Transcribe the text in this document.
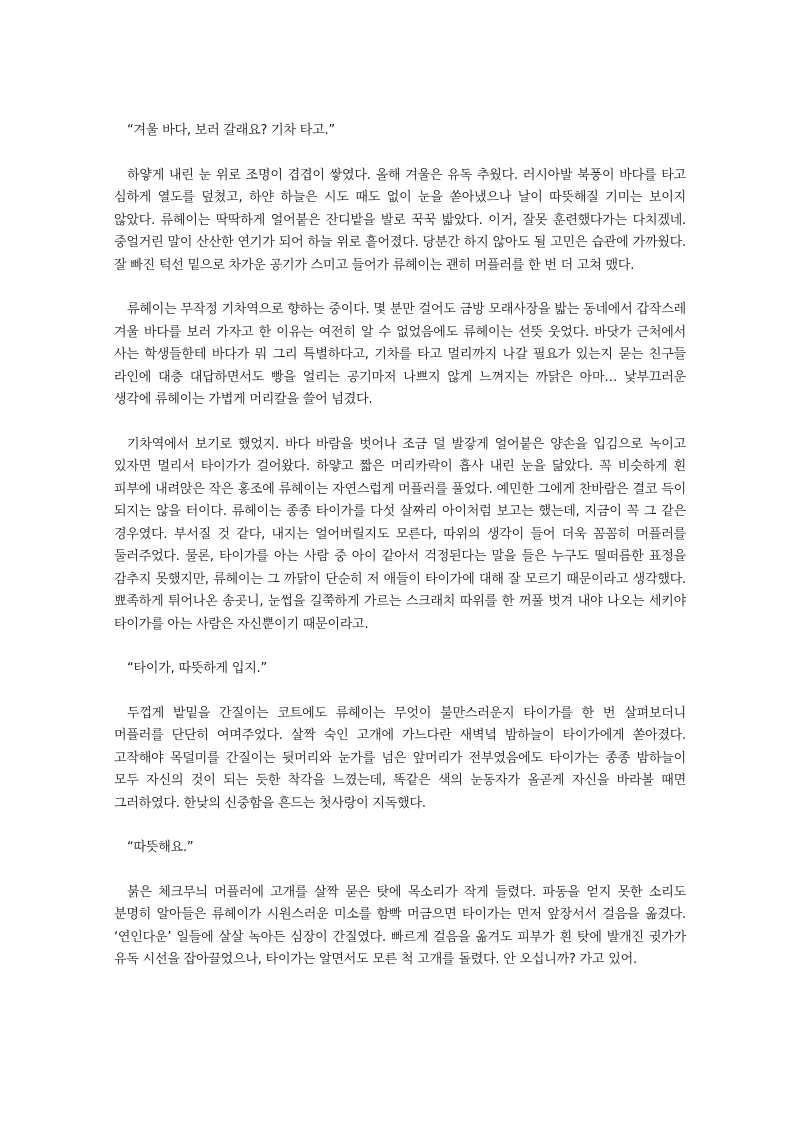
“겨울 바다, 보러 갈래요? 기차 타고.”

하얗게 내린 눈 위로 조명이 겹겹이 쌓였다. 올해 겨울은 유독 추웠다. 러시아발 북풍이 바다를 타고 심하게 열도를 덮쳤고, 하얀 하늘은 시도 때도 없이 눈을 쏟아냈으나 날이 따뜻해질 기미는 보이지 않았다. 류헤이는 딱딱하게 얼어붙은 잔디밭을 발로 꾹꾹 밟았다. 이거, 잘못 훈련했다가는 다치겠네. 중얼거린 말이 산산한 연기가 되어 하늘 위로 흩어졌다. 당분간 하지 않아도 될 고민은 습관에 가까웠다. 잘 빠진 턱선 밑으로 차가운 공기가 스미고 들어가 류헤이는 괜히 머플러를 한 번 더 고쳐 맸다.

류헤이는 무작정 기차역으로 향하는 중이다. 몇 분만 걸어도 금방 모래사장을 밟는 동네에서 갑작스레 겨울 바다를 보러 가자고 한 이유는 여전히 알 수 없었음에도 류헤이는 선뜻 웃었다. 바닷가 근처에서 사는 학생들한테 바다가 뭐 그리 특별하다고, 기차를 타고 멀리까지 나갈 필요가 있는지 묻는 친구들 라인에 대충 대답하면서도 빵을 얼리는 공기마저 나쁘지 않게 느껴지는 까닭은 아마… 낯부끄러운 생각에 류헤이는 가볍게 머리칼을 쓸어 넘겼다.

기차역에서 보기로 했었지. 바다 바람을 벗어나 조금 덜 발갛게 얼어붙은 양손을 입김으로 녹이고 있자면 멀리서 타이가가 걸어왔다. 하얗고 짧은 머리카락이 흡사 내린 눈을 닮았다. 꼭 비슷하게 흰 피부에 내려앉은 작은 홍조에 류헤이는 자연스럽게 머플러를 풀었다. 예민한 그에게 찬바람은 결코 득이 되지는 않을 터이다. 류헤이는 종종 타이가를 다섯 살짜리 아이처럼 보고는 했는데, 지금이 꼭 그 같은 경우였다. 부서질 것 같다, 내지는 얼어버릴지도 모른다, 따위의 생각이 들어 더욱 꼼꼼히 머플러를 둘러주었다. 물론, 타이가를 아는 사람 중 아이 같아서 걱정된다는 말을 들은 누구도 떨떠름한 표정을 감추지 못했지만, 류헤이는 그 까닭이 단순히 저 애들이 타이가에 대해 잘 모르기 때문이라고 생각했다. 뾰족하게 튀어나온 송곳니, 눈썹을 길쭉하게 가르는 스크래치 따위를 한 꺼풀 벗겨 내야 나오는 세키야 타이가를 아는 사람은 자신뿐이기 때문이라고.

“타이가, 따뜻하게 입지.”

두껍게 밭밑을 간질이는 코트에도 류헤이는 무엇이 불만스러운지 타이가를 한 번 살펴보더니 머플러를 단단히 여며주었다. 살짝 숙인 고개에 가느다란 새벽녘 밤하늘이 타이가에게 쏟아졌다. 고작해야 목덜미를 간질이는 뒷머리와 눈가를 넘은 앞머리가 전부였음에도 타이가는 종종 밤하늘이 모두 자신의 것이 되는 듯한 착각을 느꼈는데, 똑같은 색의 눈동자가 올곧게 자신을 바라볼 때면 그러하였다. 한낮의 신중함을 흔드는 첫사랑이 지독했다.

“따뜻해요.”

붉은 체크무늬 머플러에 고개를 살짝 묻은 탓에 목소리가 작게 들렸다. 파동을 얻지 못한 소리도 분명히 알아들은 류헤이가 시원스러운 미소를 함빡 머금으면 타이가는 먼저 앞장서서 걸음을 옮겼다. ‘연인다운’ 일들에 살살 녹아든 심장이 간질였다. 빠르게 걸음을 옮겨도 피부가 흰 탓에 발개진 귓가가 유독 시선을 잡아끌었으나, 타이가는 알면서도 모른 척 고개를 돌렸다. 안 오십니까? 가고 있어.
